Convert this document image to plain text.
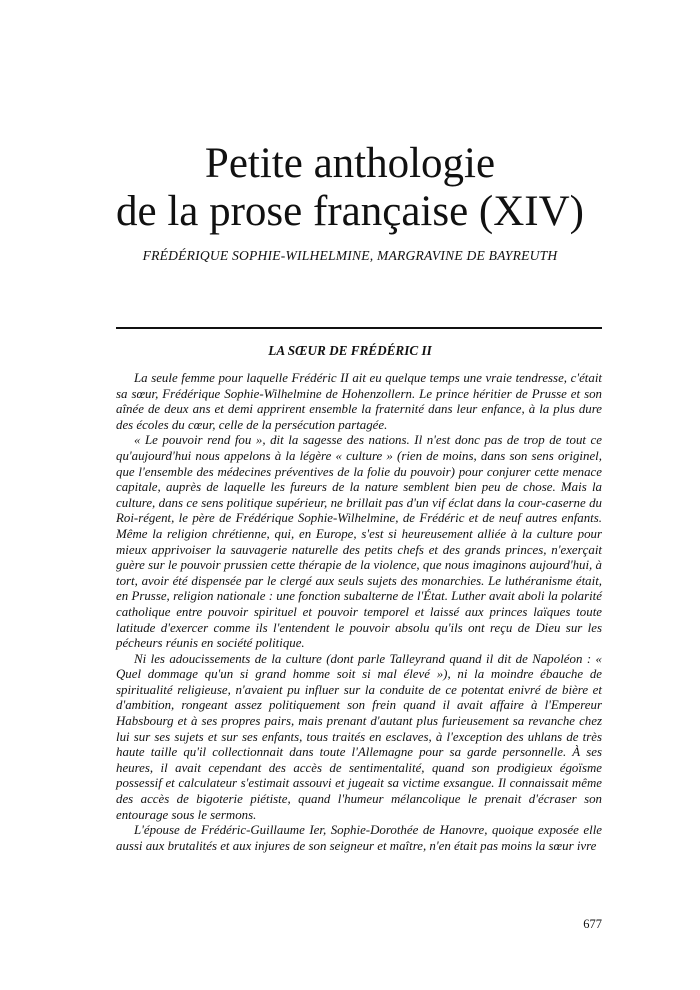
Petite anthologie
de la prose française (XIV)
FRÉDÉRIQUE SOPHIE-WILHELMINE, MARGRAVINE DE BAYREUTH
LA SŒUR DE FRÉDÉRIC II

La seule femme pour laquelle Frédéric II ait eu quelque temps une vraie tendresse, c'était sa sœur, Frédérique Sophie-Wilhelmine de Hohenzollern. Le prince héritier de Prusse et son aînée de deux ans et demi apprirent ensemble la fraternité dans leur enfance, à la plus dure des écoles du cœur, celle de la persécution partagée.

« Le pouvoir rend fou », dit la sagesse des nations. Il n'est donc pas de trop de tout ce qu'aujourd'hui nous appelons à la légère « culture » (rien de moins, dans son sens originel, que l'ensemble des médecines préventives de la folie du pouvoir) pour conjurer cette menace capitale, auprès de laquelle les fureurs de la nature semblent bien peu de chose. Mais la culture, dans ce sens politique supérieur, ne brillait pas d'un vif éclat dans la cour-caserne du Roi-régent, le père de Frédérique Sophie-Wilhelmine, de Frédéric et de neuf autres enfants. Même la religion chrétienne, qui, en Europe, s'est si heureusement alliée à la culture pour mieux apprivoiser la sauvagerie naturelle des petits chefs et des grands princes, n'exerçait guère sur le pouvoir prussien cette thérapie de la violence, que nous imaginons aujourd'hui, à tort, avoir été dispensée par le clergé aux seuls sujets des monarchies. Le luthéranisme était, en Prusse, religion nationale : une fonction subalterne de l'État. Luther avait aboli la polarité catholique entre pouvoir spirituel et pouvoir temporel et laissé aux princes laïques toute latitude d'exercer comme ils l'entendent le pouvoir absolu qu'ils ont reçu de Dieu sur les pécheurs réunis en société politique.

Ni les adoucissements de la culture (dont parle Talleyrand quand il dit de Napoléon : « Quel dommage qu'un si grand homme soit si mal élevé »), ni la moindre ébauche de spiritualité religieuse, n'avaient pu influer sur la conduite de ce potentat enivré de bière et d'ambition, rongeant assez politiquement son frein quand il avait affaire à l'Empereur Habsbourg et à ses propres pairs, mais prenant d'autant plus furieusement sa revanche chez lui sur ses sujets et sur ses enfants, tous traités en esclaves, à l'exception des uhlans de très haute taille qu'il collectionnait dans toute l'Allemagne pour sa garde personnelle. À ses heures, il avait cependant des accès de sentimentalité, quand son prodigieux égoïsme possessif et calculateur s'estimait assouvi et jugeait sa victime exsangue. Il connaissait même des accès de bigoterie piétiste, quand l'humeur mélancolique le prenait d'écraser son entourage sous le sermons.

L'épouse de Frédéric-Guillaume Ier, Sophie-Dorothée de Hanovre, quoique exposée elle aussi aux brutalités et aux injures de son seigneur et maître, n'en était pas moins la sœur ivre

677
